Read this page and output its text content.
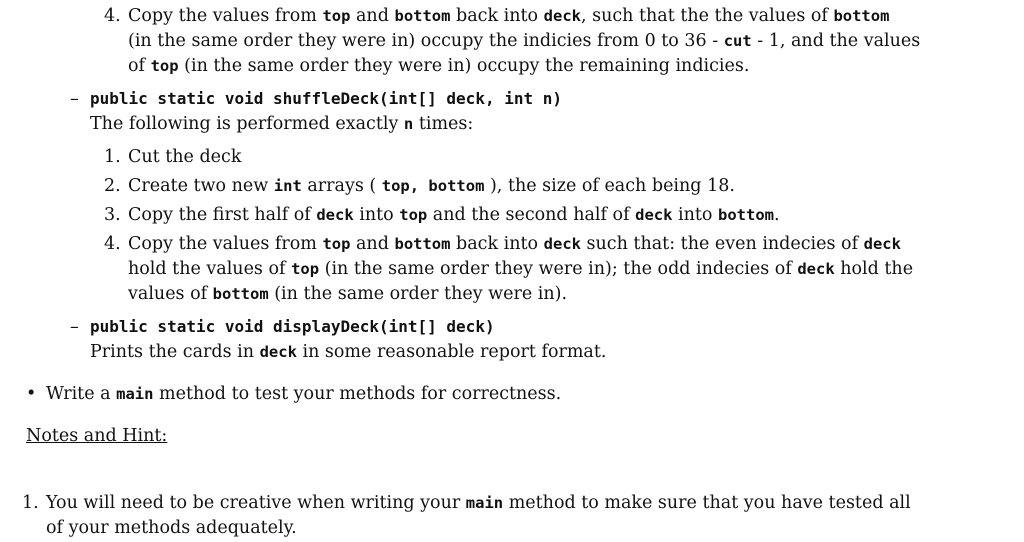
4. Copy the values from top and bottom back into deck, such that the the values of bottom
(in the same order they were in) occupy the indicies from 0 to 36 - cut - 1, and the values
of top (in the same order they were in) occupy the remaining indicies.
– public static void shuffleDeck(int[] deck, int n)
The following is performed exactly n times:
1. Cut the deck
2. Create two new int arrays ( top, bottom ), the size of each being 18.
3. Copy the first half of deck into top and the second half of deck into bottom.
4. Copy the values from top and bottom back into deck such that: the even indecies of deck
hold the values of top (in the same order they were in); the odd indecies of deck hold the
values of bottom (in the same order they were in).
– public static void displayDeck(int[] deck)
Prints the cards in deck in some reasonable report format.
• Write a main method to test your methods for correctness.
Notes and Hint:
1. You will need to be creative when writing your main method to make sure that you have tested all
of your methods adequately.
